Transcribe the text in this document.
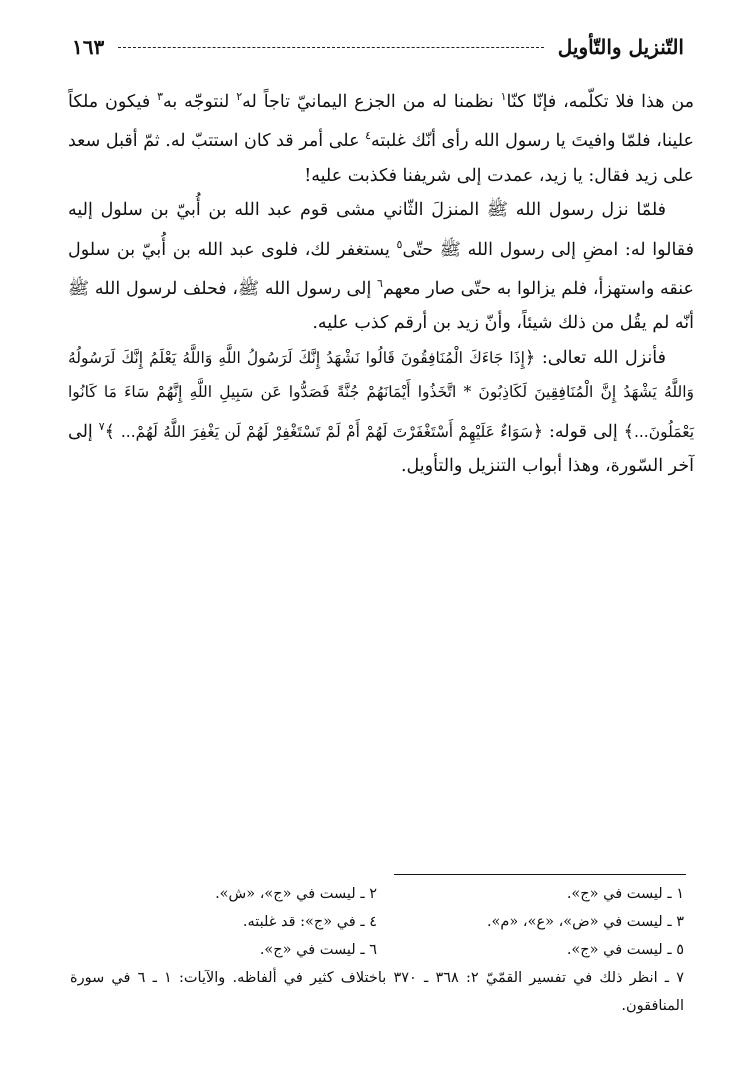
التّنزيل والتّأويل
١٦٣

من هذا فلا تكلّمه، فإنّا كنّا$^١$ نظمنا له من الجزع اليمانيّ تاجاً له$^٢$ لنتوجّه به$^٣$ فيكون ملكاً علينا، فلمّا وافيتَ يا رسول الله رأى أنّك غلبته$^٤$ على أمر قد كان استتبّ له. ثمّ أقبل سعد على زيد فقال: يا زيد، عمدت إلى شريفنا فكذبت عليه!

فلمّا نزل رسول الله ﷺ المنزلَ الثّاني مشى قوم عبد الله بن أُبيّ بن سلول إليه فقالوا له: امضِ إلى رسول الله ﷺ حتّى$^٥$ يستغفر لك، فلوى عبد الله بن أُبيّ بن سلول عنقه واستهزأ، فلم يزالوا به حتّى صار معهم$^٦$ إلى رسول الله ﷺ، فحلف لرسول الله ﷺ أنّه لم يقُل من ذلك شيئاً، وأنّ زيد بن أرقم كذب عليه.

فأنزل الله تعالى: ﴿إِذَا جَاءَكَ الْمُنَافِقُونَ قَالُوا نَشْهَدُ إِنَّكَ لَرَسُولُ اللَّهِ وَاللَّهُ يَعْلَمُ إِنَّكَ لَرَسُولُهُ وَاللَّهُ يَشْهَدُ إِنَّ الْمُنَافِقِينَ لَكَاذِبُونَ * اتَّخَذُوا أَيْمَانَهُمْ جُنَّةً فَصَدُّوا عَن سَبِيلِ اللَّهِ إِنَّهُمْ سَاءَ مَا كَانُوا يَعْمَلُونَ...﴾ إلى قوله: ﴿سَوَاءٌ عَلَيْهِمْ أَسْتَغْفَرْتَ لَهُمْ أَمْ لَمْ تَسْتَغْفِرْ لَهُمْ لَن يَغْفِرَ اللَّهُ لَهُمْ... ﴾$^٧$ إلى آخر السّورة، وهذا أبواب التنزيل والتأويل.

١ ـ ليست في «ج».
٢ ـ ليست في «ج»، «ش».
٣ ـ ليست في «ض»، «ع»، «م».
٤ ـ في «ج»: قد غلبته.
٥ ـ ليست في «ج».
٦ ـ ليست في «ج».
٧ ـ انظر ذلك في تفسير القمّيّ ٢: ٣٦٨ ـ ٣٧٠ باختلاف كثير في ألفاظه. والآيات: ١ ـ ٦ في سورة المنافقون.
